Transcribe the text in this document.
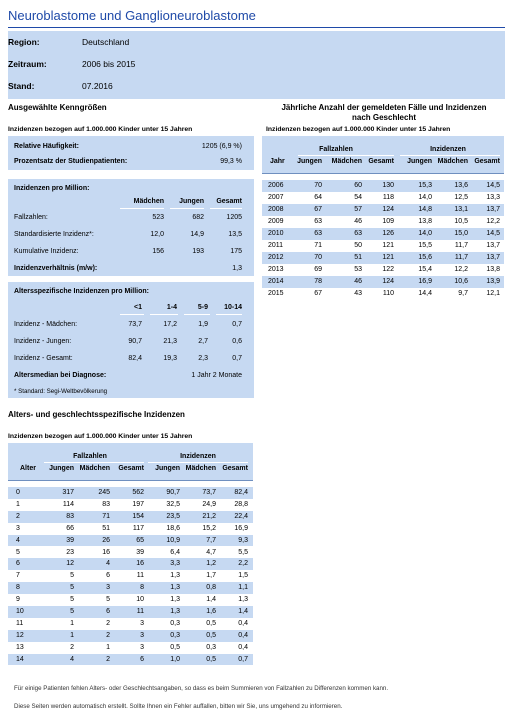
Neuroblastome und Ganglioneuroblastome
Region:	Deutschland
Zeitraum:	2006 bis 2015
Stand:	07.2016
Ausgewählte Kenngrößen
Inzidenzen bezogen auf 1.000.000 Kinder unter 15 Jahren
Relative Häufigkeit:	1205 (6,9 %)
Prozentsatz der Studienpatienten:	99,3 %
Inzidenzen pro Million:
Mädchen	Jungen	Gesamt
Fallzahlen:	523	682	1205
Standardisierte Inzidenz*:	12,0	14,9	13,5
Kumulative Inzidenz:	156	193	175
Inzidenzverhältnis (m/w):	1,3
Altersspezifische Inzidenzen pro Million:
<1	1-4	5-9	10-14
Inzidenz - Mädchen:	73,7	17,2	1,9	0,7
Inzidenz - Jungen:	90,7	21,3	2,7	0,6
Inzidenz - Gesamt:	82,4	19,3	2,3	0,7
Altersmedian bei Diagnose:	1 Jahr 2 Monate
* Standard: Segi-Weltbevölkerung
Jährliche Anzahl der gemeldeten Fälle und Inzidenzen
nach Geschlecht
Inzidenzen bezogen auf 1.000.000 Kinder unter 15 Jahren
Fallzahlen	Inzidenzen
Jahr	Jungen	Mädchen Gesamt	Jungen Mädchen Gesamt
2006	70	60	130	15,3	13,6	14,5
2007	64	54	118	14,0	12,5	13,3
2008	67	57	124	14,8	13,1	13,7
2009	63	46	109	13,8	10,5	12,2
2010	63	63	126	14,0	15,0	14,5
2011	71	50	121	15,5	11,7	13,7
2012	70	51	121	15,6	11,7	13,7
2013	69	53	122	15,4	12,2	13,8
2014	78	46	124	16,9	10,6	13,9
2015	67	43	110	14,4	9,7	12,1
Alters- und geschlechtsspezifische Inzidenzen
Inzidenzen bezogen auf 1.000.000 Kinder unter 15 Jahren
Fallzahlen	Inzidenzen
Alter	Jungen Mädchen	Gesamt	Jungen Mädchen Gesamt
0	317	245	562	90,7	73,7	82,4
1	114	83	197	32,5	24,9	28,8
2	83	71	154	23,5	21,2	22,4
3	66	51	117	18,6	15,2	16,9
4	39	26	65	10,9	7,7	9,3
5	23	16	39	6,4	4,7	5,5
6	12	4	16	3,3	1,2	2,2
7	5	6	11	1,3	1,7	1,5
8	5	3	8	1,3	0,8	1,1
9	5	5	10	1,3	1,4	1,3
10	5	6	11	1,3	1,6	1,4
11	1	2	3	0,3	0,5	0,4
12	1	2	3	0,3	0,5	0,4
13	2	1	3	0,5	0,3	0,4
14	4	2	6	1,0	0,5	0,7
Für einige Patienten fehlen Alters- oder Geschlechtsangaben, so dass es beim Summieren von Fallzahlen zu Differenzen kommen kann.
Diese Seiten werden automatisch erstellt. Sollte Ihnen ein Fehler auffallen, bitten wir Sie, uns umgehend zu informieren.
